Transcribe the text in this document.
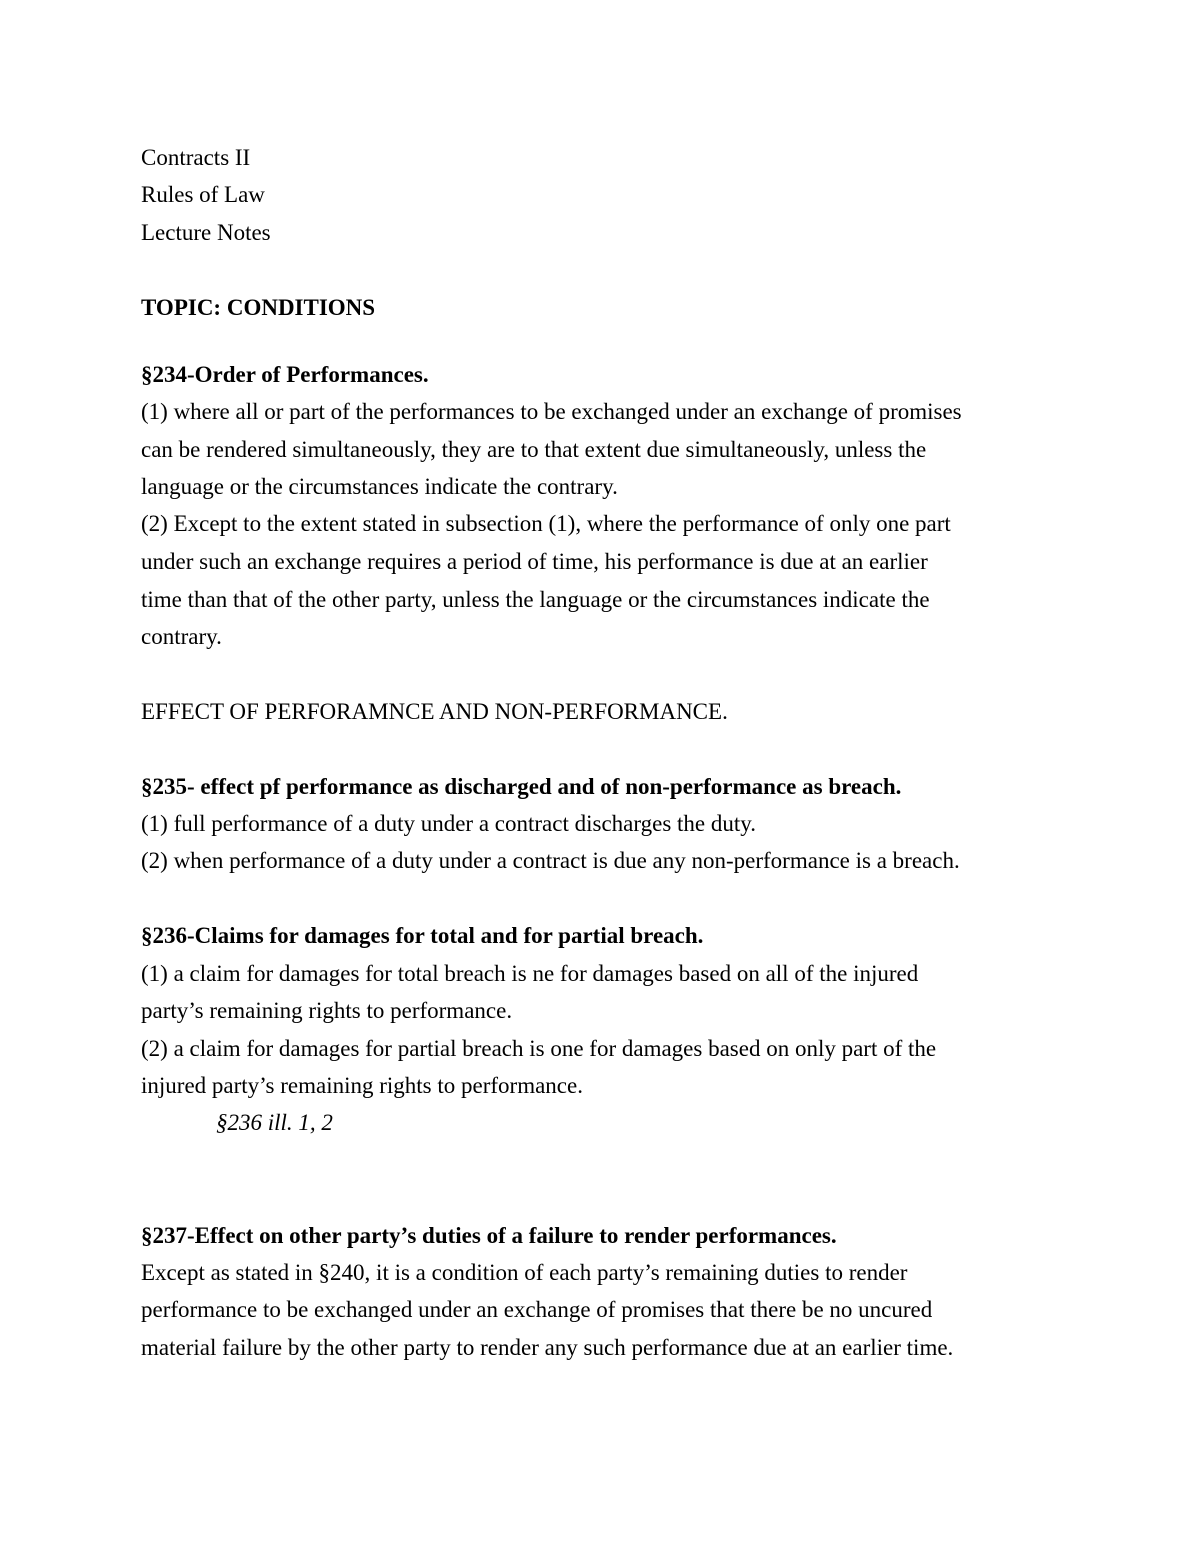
Contracts II
Rules of Law
Lecture Notes
TOPIC: CONDITIONS
§234-Order of Performances.
(1) where all or part of the performances to be exchanged under an exchange of promises
can be rendered simultaneously, they are to that extent due simultaneously, unless the
language or the circumstances indicate the contrary.
(2) Except to the extent stated in subsection (1), where the performance of only one part
under such an exchange requires a period of time, his performance is due at an earlier
time than that of the other party, unless the language or the circumstances indicate the
contrary.
EFFECT OF PERFORAMNCE AND NON-PERFORMANCE.
§235- effect pf performance as discharged and of non-performance as breach.
(1) full performance of a duty under a contract discharges the duty.
(2) when performance of a duty under a contract is due any non-performance is a breach.
§236-Claims for damages for total and for partial breach.
(1) a claim for damages for total breach is ne for damages based on all of the injured
party’s remaining rights to performance.
(2) a claim for damages for partial breach is one for damages based on only part of the
injured party’s remaining rights to performance.
§236 ill. 1, 2
§237-Effect on other party’s duties of a failure to render performances.
Except as stated in §240, it is a condition of each party’s remaining duties to render
performance to be exchanged under an exchange of promises that there be no uncured
material failure by the other party to render any such performance due at an earlier time.
